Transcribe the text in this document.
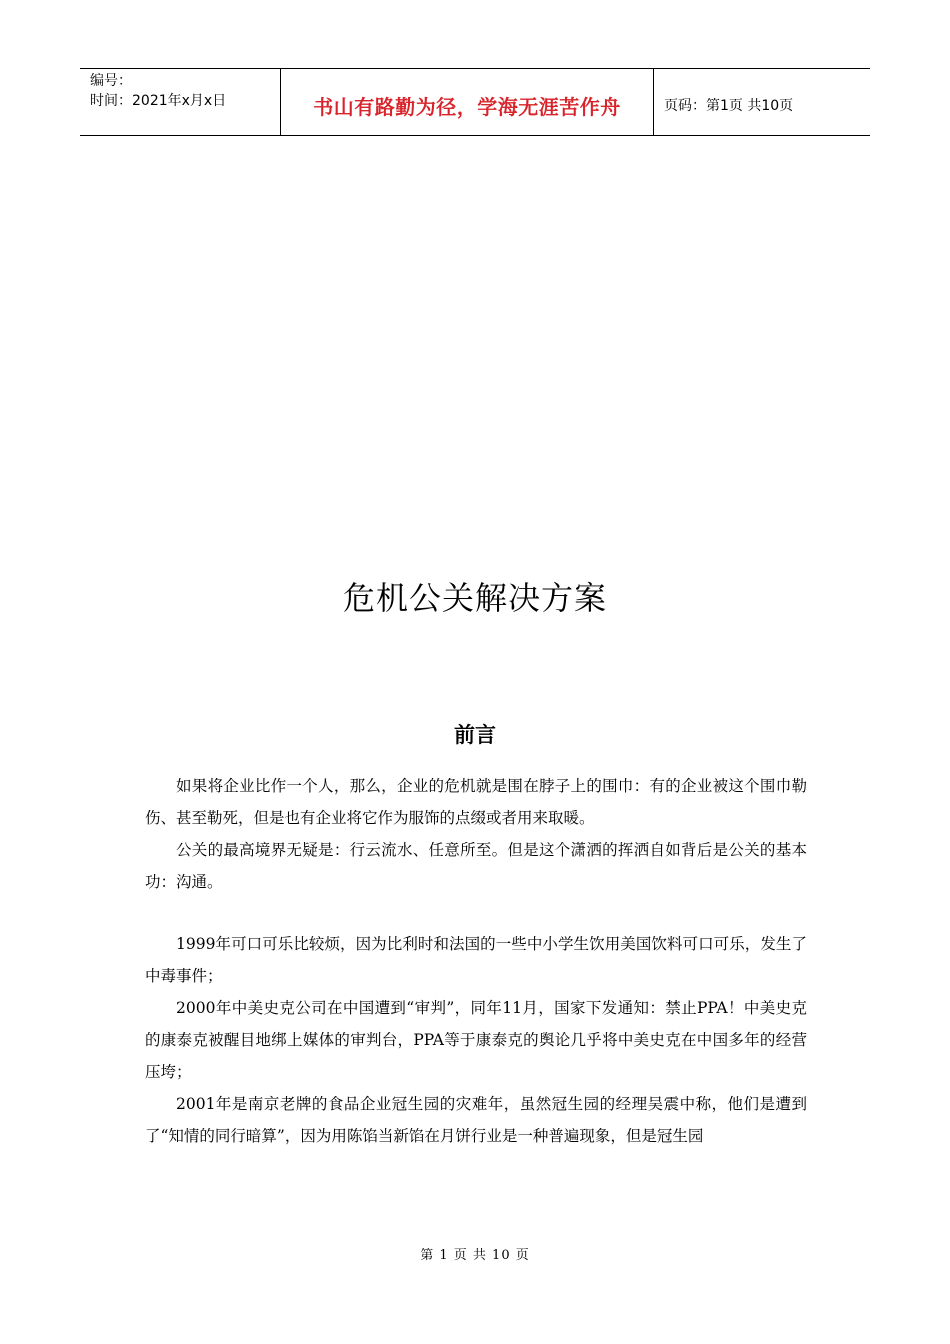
编号：
时间：2021年x月x日	书山有路勤为径，学海无涯苦作舟	页码：第1页 共10页
危机公关解决方案
前言

如果将企业比作一个人，那么，企业的危机就是围在脖子上的围巾：有的企业被这个围巾勒伤、甚至勒死，但是也有企业将它作为服饰的点缀或者用来取暖。

公关的最高境界无疑是：行云流水、任意所至。但是这个潇洒的挥洒自如背后是公关的基本功：沟通。

1999年可口可乐比较烦，因为比利时和法国的一些中小学生饮用美国饮料可口可乐，发生了中毒事件；

2000年中美史克公司在中国遭到“审判”，同年11月，国家下发通知：禁止PPA！中美史克的康泰克被醒目地绑上媒体的审判台，PPA等于康泰克的舆论几乎将中美史克在中国多年的经营压垮；

2001年是南京老牌的食品企业冠生园的灾难年，虽然冠生园的经理吴震中称，他们是遭到了“知情的同行暗算”，因为用陈馅当新馅在月饼行业是一种普遍现象，但是冠生园

第 1 页 共 10 页
